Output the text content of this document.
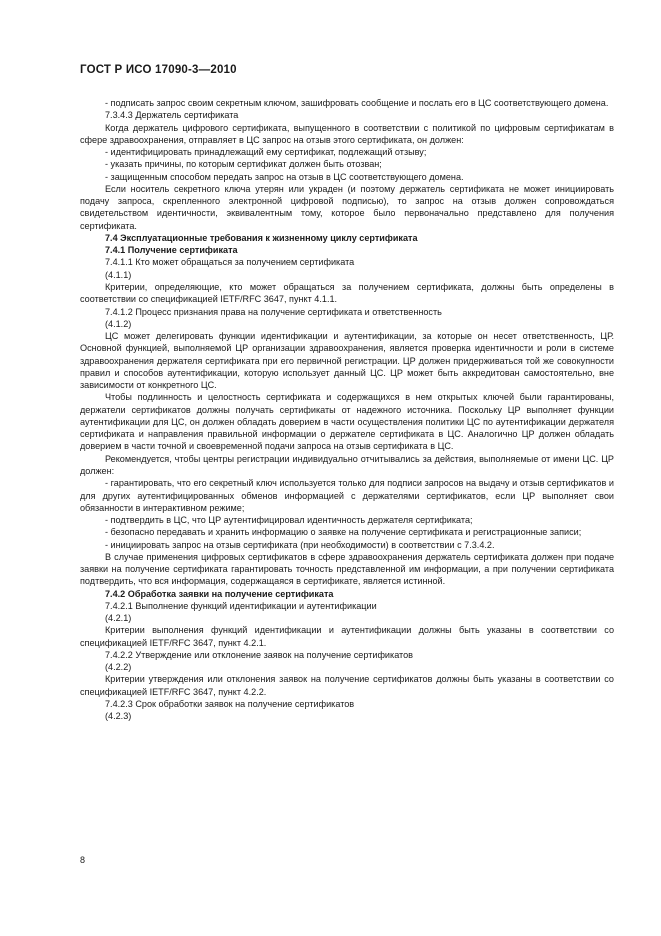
ГОСТ Р ИСО 17090-3—2010

- подписать запрос своим секретным ключом, зашифровать сообщение и послать его в ЦС соответствующего домена.

7.3.4.3 Держатель сертификата

Когда держатель цифрового сертификата, выпущенного в соответствии с политикой по цифровым сертификатам в сфере здравоохранения, отправляет в ЦС запрос на отзыв этого сертификата, он должен:

- идентифицировать принадлежащий ему сертификат, подлежащий отзыву;

- указать причины, по которым сертификат должен быть отозван;

- защищенным способом передать запрос на отзыв в ЦС соответствующего домена.

Если носитель секретного ключа утерян или украден (и поэтому держатель сертификата не может инициировать подачу запроса, скрепленного электронной цифровой подписью), то запрос на отзыв должен сопровождаться свидетельством идентичности, эквивалентным тому, которое было первоначально представлено для получения сертификата.

7.4 Эксплуатационные требования к жизненному циклу сертификата

7.4.1 Получение сертификата

7.4.1.1 Кто может обращаться за получением сертификата

(4.1.1)

Критерии, определяющие, кто может обращаться за получением сертификата, должны быть определены в соответствии со спецификацией IETF/RFC 3647, пункт 4.1.1.

7.4.1.2 Процесс признания права на получение сертификата и ответственность

(4.1.2)

ЦС может делегировать функции идентификации и аутентификации, за которые он несет ответственность, ЦР. Основной функцией, выполняемой ЦР организации здравоохранения, является проверка идентичности и роли в системе здравоохранения держателя сертификата при его первичной регистрации. ЦР должен придерживаться той же совокупности правил и способов аутентификации, которую использует данный ЦС. ЦР может быть аккредитован самостоятельно, вне зависимости от конкретного ЦС.

Чтобы подлинность и целостность сертификата и содержащихся в нем открытых ключей были гарантированы, держатели сертификатов должны получать сертификаты от надежного источника. Поскольку ЦР выполняет функции аутентификации для ЦС, он должен обладать доверием в части осуществления политики ЦС по аутентификации держателя сертификата и направления правильной информации о держателе сертификата в ЦС. Аналогично ЦР должен обладать доверием в части точной и своевременной подачи запроса на отзыв сертификата в ЦС.

Рекомендуется, чтобы центры регистрации индивидуально отчитывались за действия, выполняемые от имени ЦС. ЦР должен:

- гарантировать, что его секретный ключ используется только для подписи запросов на выдачу и отзыв сертификатов и для других аутентифицированных обменов информацией с держателями сертификатов, если ЦР выполняет свои обязанности в интерактивном режиме;

- подтвердить в ЦС, что ЦР аутентифицировал идентичность держателя сертификата;

- безопасно передавать и хранить информацию о заявке на получение сертификата и регистрационные записи;

- инициировать запрос на отзыв сертификата (при необходимости) в соответствии с 7.3.4.2.

В случае применения цифровых сертификатов в сфере здравоохранения держатель сертификата должен при подаче заявки на получение сертификата гарантировать точность представленной им информации, а при получении сертификата подтвердить, что вся информация, содержащаяся в сертификате, является истинной.

7.4.2 Обработка заявки на получение сертификата

7.4.2.1 Выполнение функций идентификации и аутентификации

(4.2.1)

Критерии выполнения функций идентификации и аутентификации должны быть указаны в соответствии со спецификацией IETF/RFC 3647, пункт 4.2.1.

7.4.2.2 Утверждение или отклонение заявок на получение сертификатов

(4.2.2)

Критерии утверждения или отклонения заявок на получение сертификатов должны быть указаны в соответствии со спецификацией IETF/RFC 3647, пункт 4.2.2.

7.4.2.3 Срок обработки заявок на получение сертификатов

(4.2.3)

8
